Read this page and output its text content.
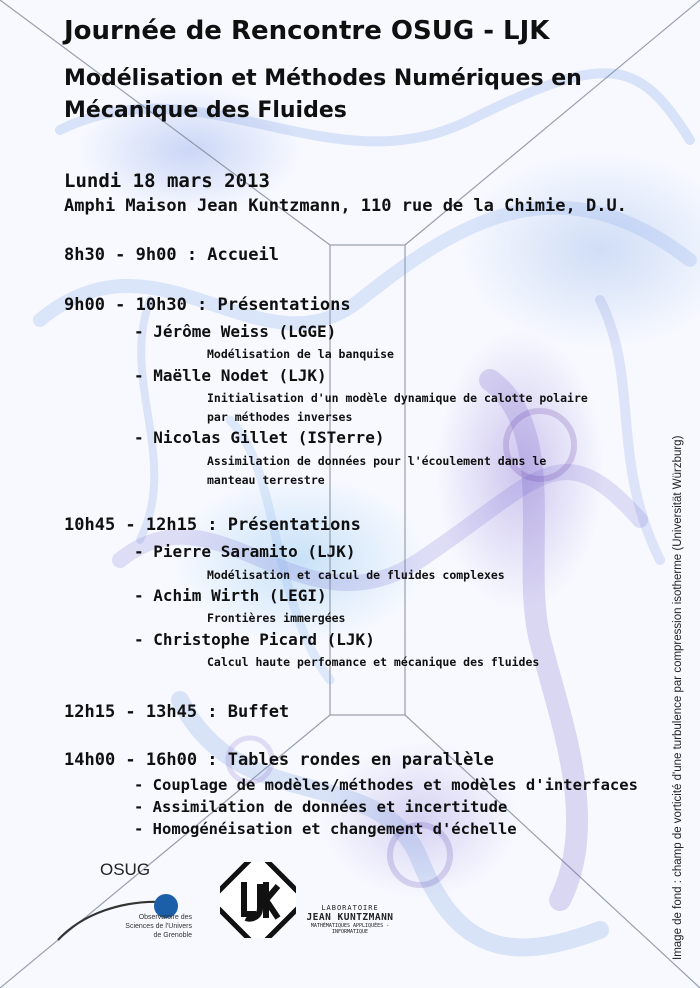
Journée de Rencontre OSUG - LJK
Modélisation et Méthodes Numériques en Mécanique des Fluides
Lundi 18 mars 2013
Amphi Maison Jean Kuntzmann, 110 rue de la Chimie, D.U.
8h30 - 9h00 : Accueil
9h00 - 10h30 : Présentations
- Jérôme Weiss (LGGE)
Modélisation de la banquise
- Maëlle Nodet (LJK)
Initialisation d'un modèle dynamique de calotte polaire par méthodes inverses
- Nicolas Gillet (ISTerre)
Assimilation de données pour l'écoulement dans le manteau terrestre
10h45 - 12h15 : Présentations
- Pierre Saramito (LJK)
Modélisation et calcul de fluides complexes
- Achim Wirth (LEGI)
Frontières immergées
- Christophe Picard (LJK)
Calcul haute perfomance et mécanique des fluides
12h15 - 13h45 : Buffet
14h00 - 16h00 : Tables rondes en parallèle
- Couplage de modèles/méthodes et modèles d'interfaces
- Assimilation de données et incertitude
- Homogénéisation et changement d'échelle	Image de fond : champ de vorticité d'une turbulence par compression isotherme (Universität Würzburg)
OSUG
Observatoire des
Sciences de l'Univers
de Grenoble
LABORATOIRE
JEAN KUNTZMANN
MATHÉMATIQUES APPLIQUÉES - INFORMATIQUE
